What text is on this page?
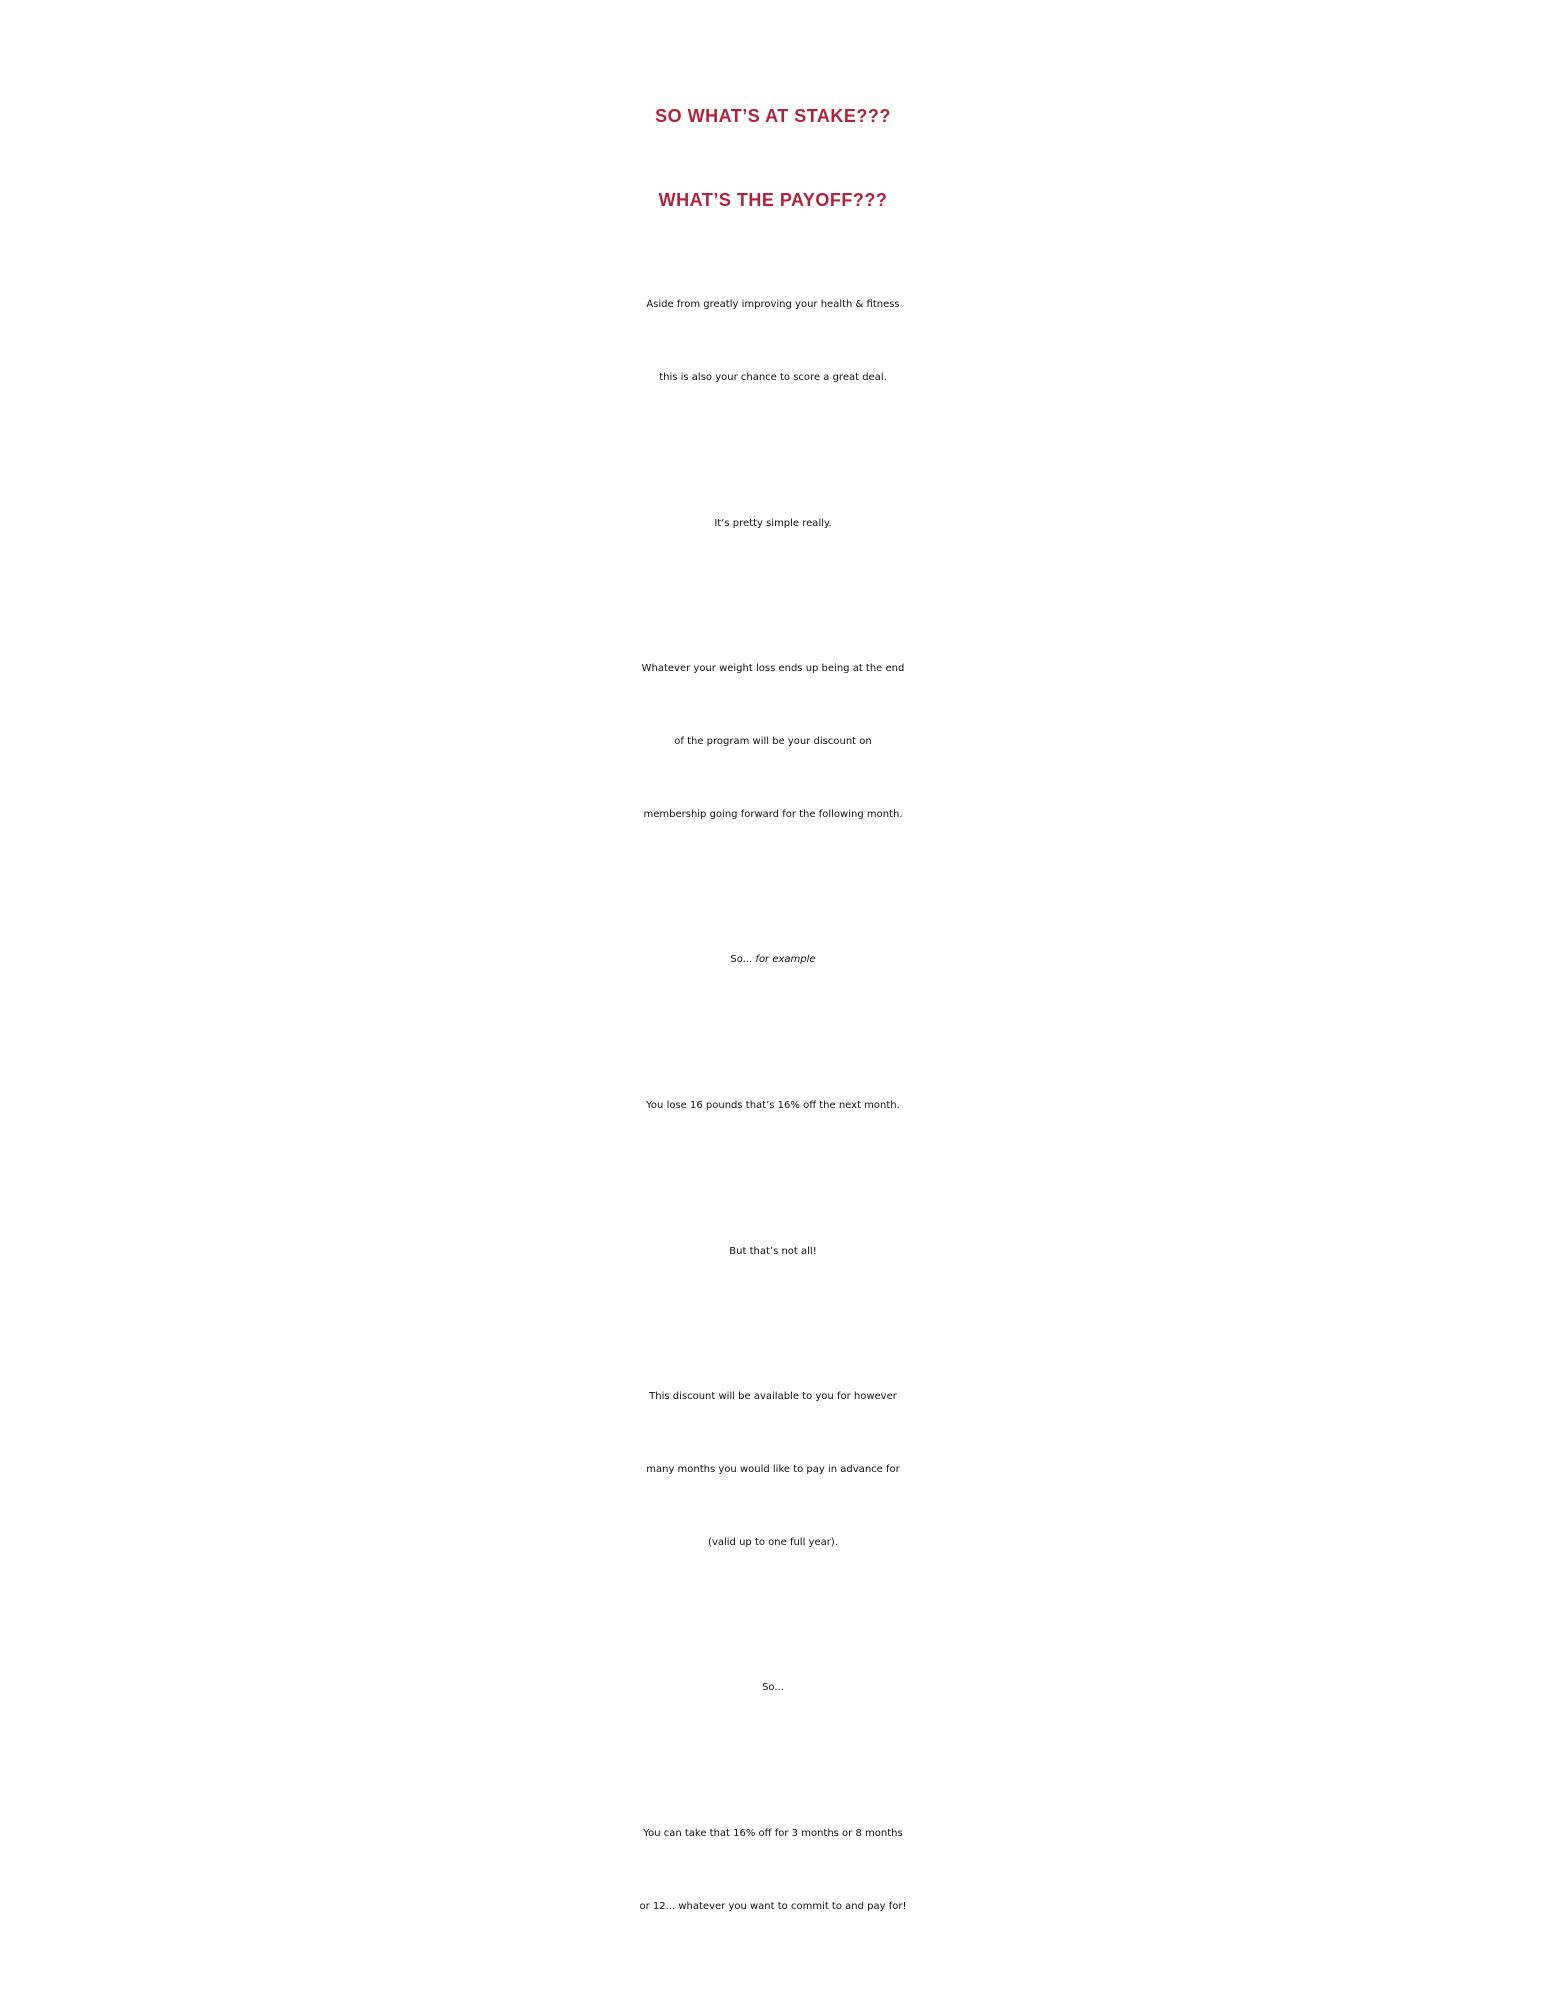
SO WHAT’S AT STAKE???
WHAT’S THE PAYOFF???
Aside from greatly improving your health & fitness
this is also your chance to score a great deal.
It’s pretty simple really.
Whatever your weight loss ends up being at the end
of the program will be your discount on
membership going forward for the following month.
So... for example
You lose 16 pounds that’s 16% off the next month.
But that’s not all!
This discount will be available to you for however
many months you would like to pay in advance for
(valid up to one full year).
So...
You can take that 16% off for 3 months or 8 months
or 12... whatever you want to commit to and pay for!
